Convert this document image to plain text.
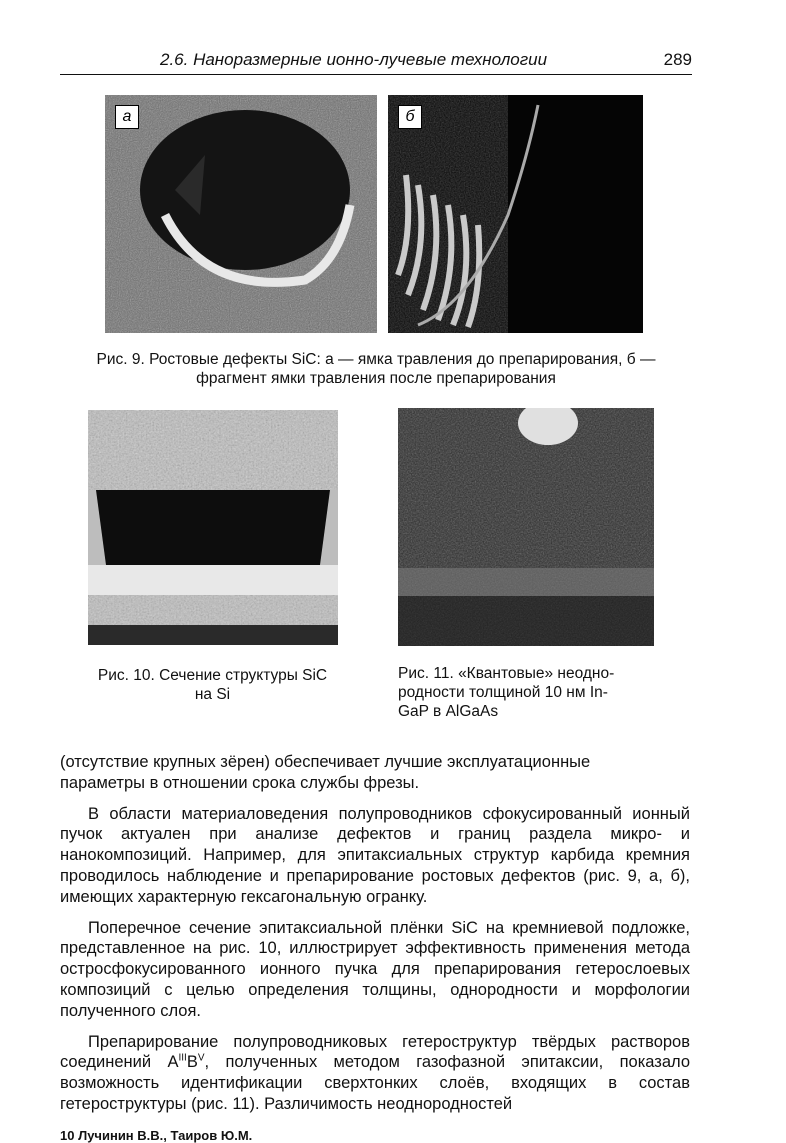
2.6. Наноразмерные ионно-лучевые технологии	289
а	б
Рис. 9. Ростовые дефекты SiC: а — ямка травления до препарирования, б —
фрагмент ямки травления после препарирования
Рис. 10. Сечение структуры SiC
на Si
Рис. 11. «Квантовые» неодно-
родности толщиной 10 нм In-
GaP в AlGaAs

(отсутствие крупных зёрен) обеспечивает лучшие эксплуатационные
параметры в отношении срока службы фрезы.

В области материаловедения полупроводников сфокусированный ионный пучок актуален при анализе дефектов и границ раздела микро- и нанокомпозиций. Например, для эпитаксиальных структур карбида кремния проводилось наблюдение и препарирование ростовых дефектов (рис. 9, а, б), имеющих характерную гексагональную огранку.

Поперечное сечение эпитаксиальной плёнки SiC на кремниевой подложке, представленное на рис. 10, иллюстрирует эффективность применения метода остросфокусированного ионного пучка для препарирования гетерослоевых композиций с целью определения толщины, однородности и морфологии полученного слоя.

Препарирование полупроводниковых гетероструктур твёрдых растворов соединений $A^{III}B^V$, полученных методом газофазной эпитаксии, показало возможность идентификации сверхтонких слоёв, входящих в состав гетероструктуры (рис. 11). Различимость неоднородностей

10 Лучинин В.В., Таиров Ю.М.
